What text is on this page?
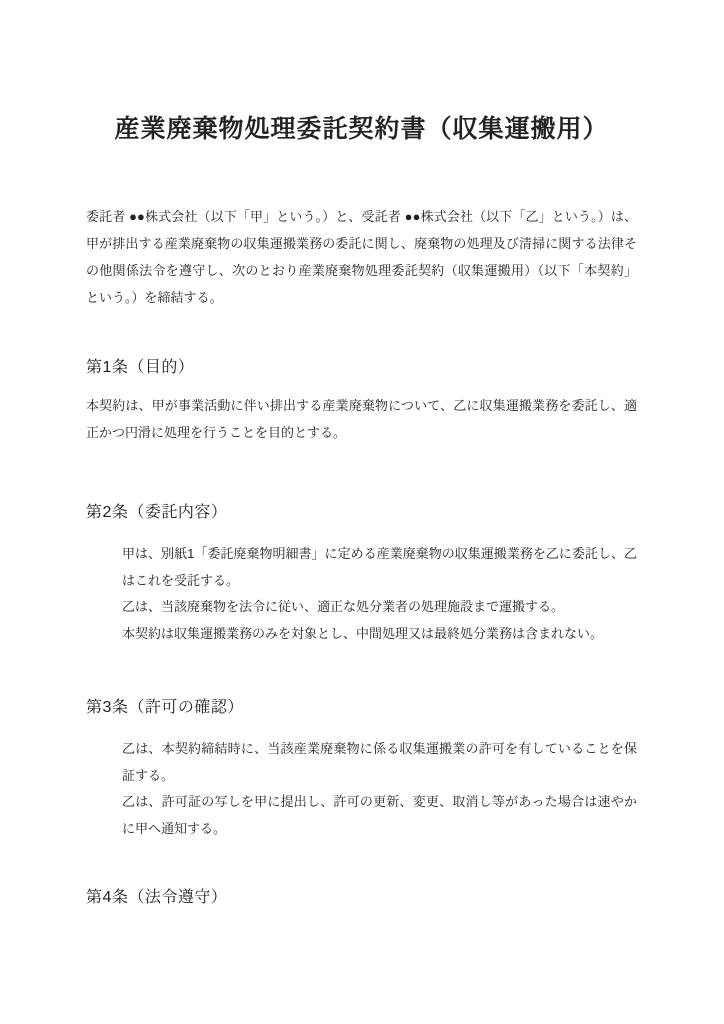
産業廃棄物処理委託契約書（収集運搬用）

委託者 ●●株式会社（以下「甲」という。）と、受託者 ●●株式会社（以下「乙」という。）は、甲が排出する産業廃棄物の収集運搬業務の委託に関し、廃棄物の処理及び清掃に関する法律その他関係法令を遵守し、次のとおり産業廃棄物処理委託契約（収集運搬用）（以下「本契約」という。）を締結する。

第1条（目的）

本契約は、甲が事業活動に伴い排出する産業廃棄物について、乙に収集運搬業務を委託し、適正かつ円滑に処理を行うことを目的とする。

第2条（委託内容）

甲は、別紙1「委託廃棄物明細書」に定める産業廃棄物の収集運搬業務を乙に委託し、乙はこれを受託する。

乙は、当該廃棄物を法令に従い、適正な処分業者の処理施設まで運搬する。

本契約は収集運搬業務のみを対象とし、中間処理又は最終処分業務は含まれない。

第3条（許可の確認）

乙は、本契約締結時に、当該産業廃棄物に係る収集運搬業の許可を有していることを保証する。

乙は、許可証の写しを甲に提出し、許可の更新、変更、取消し等があった場合は速やかに甲へ通知する。

第4条（法令遵守）
